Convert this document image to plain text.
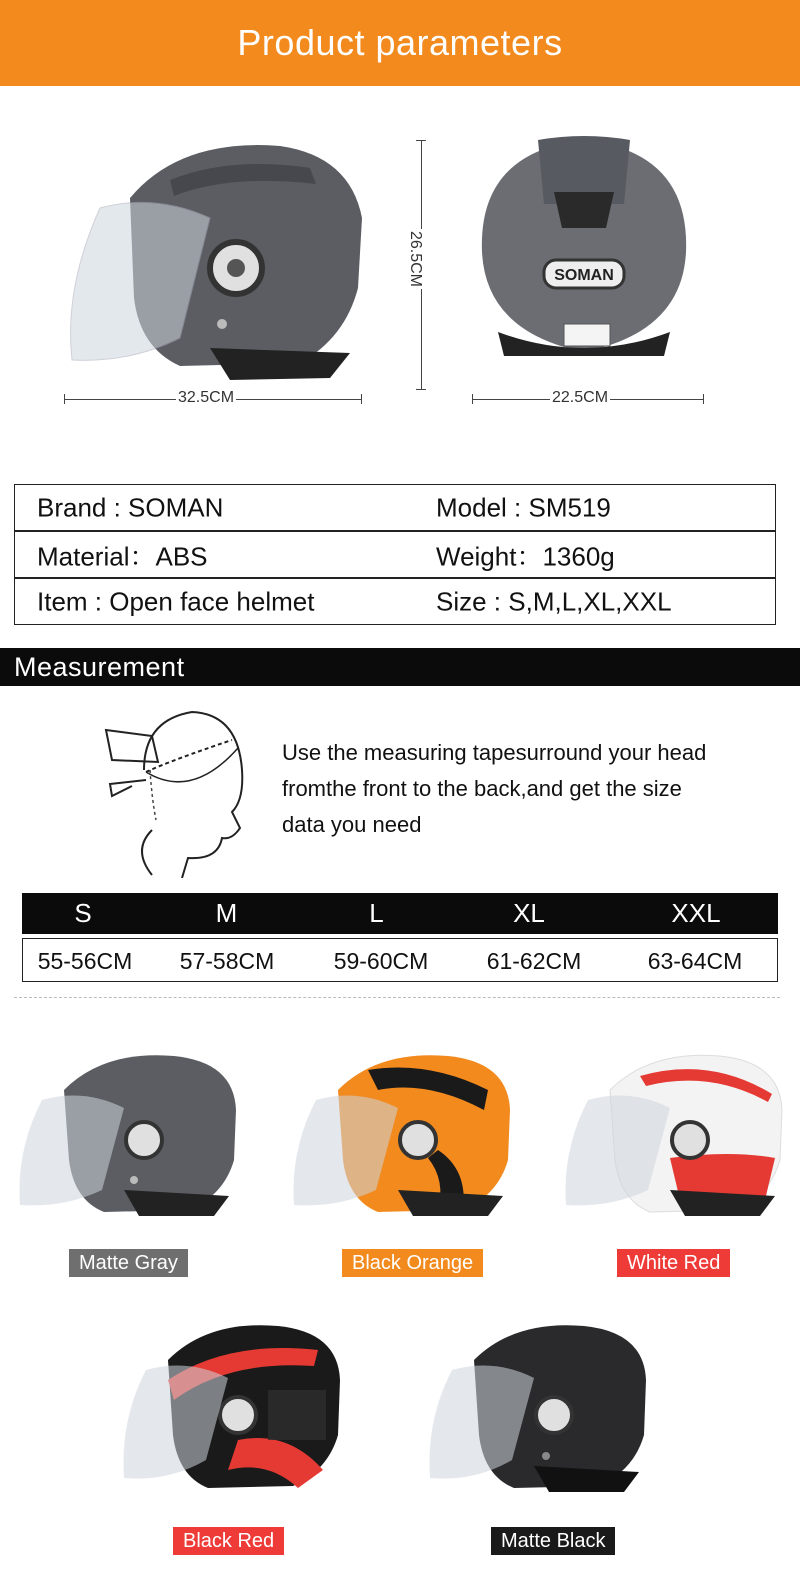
Product parameters
32.5CM
26.5CM	SOMAN
22.5CM
Brand : SOMAN	Model : SM519
Material：ABS	Weight：1360g
Item : Open face helmet	Size : S,M,L,XL,XXL
Measurement
Use the measuring tapesurround your head fromthe front to the back,and get the size data you need
S	M	L	XL	XXL
55-56CM	57-58CM	59-60CM	61-62CM	63-64CM
Matte Gray	Black Orange	White Red
Black Red	Matte Black
